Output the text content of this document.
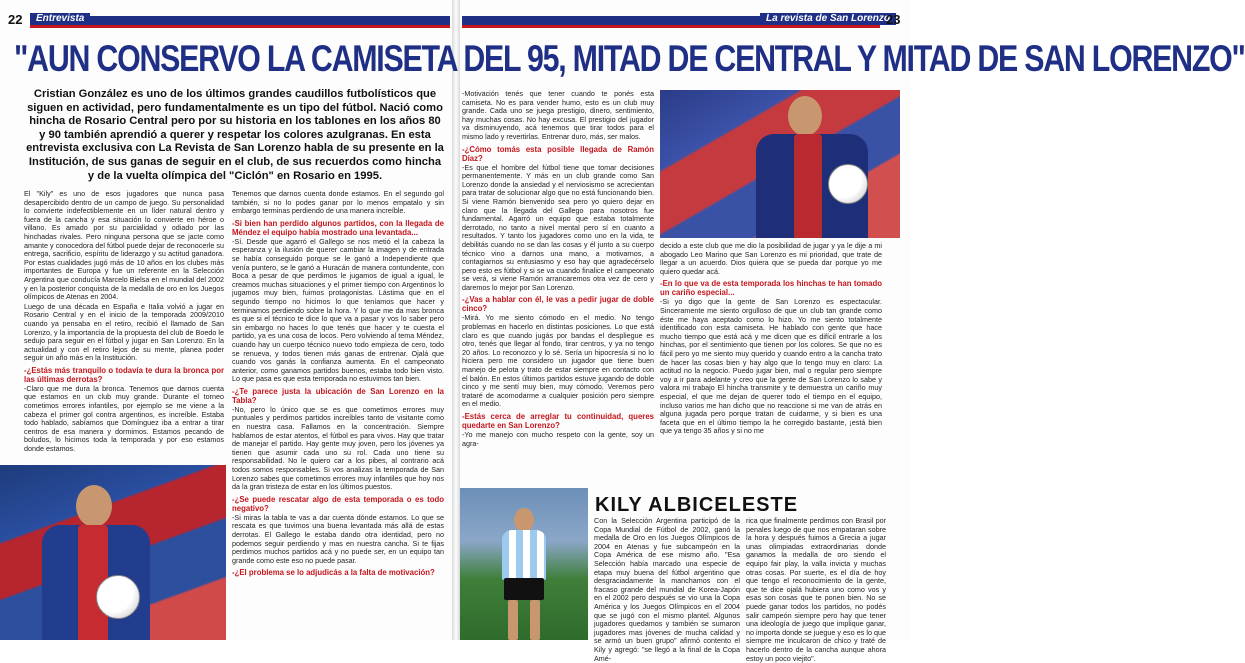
22	Entrevista	La revista de San Lorenzo
23
"AUN CONSERVO LA CAMISETA DEL 95, MITAD DE CENTRAL Y MITAD DE SAN LORENZO"
Cristian González es uno de los últimos grandes caudillos futbolísticos que siguen en actividad, pero fundamentalmente es un tipo del fútbol. Nació como hincha de Rosario Central pero por su historia en los tablones en los años 80 y 90 también aprendió a querer y respetar los colores azulgranas. En esta entrevista exclusiva con La Revista de San Lorenzo habla de su presente en la Institución, de sus ganas de seguir en el club, de sus recuerdos como hincha y de la vuelta olímpica del "Ciclón" en Rosario en 1995.

El "Kily" es uno de esos jugadores que nunca pasa desapercibido dentro de un campo de juego. Su personalidad lo convierte indefectiblemente en un líder natural dentro y fuera de la cancha y esa situación lo convierte en héroe o villano. Es amado por su parcialidad y odiado por las hinchadas rivales. Pero ninguna persona que se jacte como amante y conocedora del fútbol puede dejar de reconocerle su entrega, sacrificio, espíritu de liderazgo y su actitud ganadora. Por estas cualidades jugó más de 10 años en los clubes más importantes de Europa y fue un referente en la Selección Argentina que conducía Marcelo Bielsa en el mundial del 2002 y en la posterior conquista de la medalla de oro en los Juegos olímpicos de Atenas en 2004.

Luego de una década en España e Italia volvió a jugar en Rosario Central y en el inicio de la temporada 2009/2010 cuando ya pensaba en el retiro, recibió el llamado de San Lorenzo, y la importancia de la propuesta del club de Boedo le sedujo para seguir en el fútbol y jugar en San Lorenzo. En la actualidad y con el retiro lejos de su mente, planea poder seguir un año más en la Institución.

-¿Estás más tranquilo o todavía te dura la bronca por las últimas derrotas?

-Claro que me dura la bronca. Tenemos que darnos cuenta que estamos en un club muy grande. Durante el torneo cometimos errores infantiles, por ejemplo se me viene a la cabeza el primer gol contra argentinos, es increíble. Estaba todo hablado, sabíamos que Domínguez iba a entrar a tirar centros de esa manera y dormimos. Estamos pecando de boludos, lo hicimos toda la temporada y por eso estamos donde estamos.

Tenemos que darnos cuenta donde estamos. En el segundo gol también, si no lo podes ganar por lo menos empatalo y sin embargo terminas perdiendo de una manera increíble.

-Si bien han perdido algunos partidos, con la llegada de Méndez el equipo había mostrado una levantada...

-Sí. Desde que agarró el Gallego se nos metió el la cabeza la esperanza y la ilusión de querer cambiar la imagen y de entrada se había conseguido porque se le ganó a Independiente que venía puntero, se le ganó a Huracán de manera contundente, con Boca a pesar de que perdimos le jugamos de igual a igual, le creamos muchas situaciones y el primer tiempo con Argentinos lo jugamos muy bien, fuimos protagonistas. Lástima que en el segundo tiempo no hicimos lo que teníamos que hacer y terminamos perdiendo sobre la hora. Y lo que me da mas bronca es que si el técnico te dice lo que va a pasar y vos lo saber pero sin embargo no haces lo que tenés que hacer y te cuesta el partido, ya es una cosa de locos. Pero volviendo al tema Méndez, cuando hay un cuerpo técnico nuevo todo empieza de cero, todo se renueva, y todos tienen más ganas de entrenar. Ojalá que cuando vos ganás la confianza aumenta. En el campeonato anterior, como ganamos partidos buenos, estaba todo bien visto. Lo que pasa es que esta temporada no estuvimos tan bien.

-¿Te parece justa la ubicación de San Lorenzo en la Tabla?

-No, pero lo único que se es que cometimos errores muy puntuales y perdimos partidos increíbles tanto de visitante como en nuestra casa. Fallamos en la concentración. Siempre hablamos de estar atentos, el fútbol es para vivos. Hay que tratar de manejar el partido. Hay gente muy joven, pero los jóvenes ya tienen que asumir cada uno su rol. Cada uno tiene su responsabilidad. No le quiero car a los pibes, al contrario acá todos somos responsables. Si vos analizas la temporada de San Lorenzo sabes que cometimos errores muy infantiles que hoy nos da la gran tristeza de estar en los últimos puestos.

-¿Se puede rescatar algo de esta temporada o es todo negativo?

-Si miras la tabla te vas a dar cuenta dónde estamos. Lo que se rescata es que tuvimos una buena levantada más allá de estas derrotas. El Gallego le estaba dando otra identidad, pero no podemos seguir perdiendo y mas en nuestra cancha. Si te fijas perdimos muchos partidos acá y no puede ser, en un equipo tan grande como este eso no puede pasar.

-¿El problema se lo adjudicás a la falta de motivación?

-Motivación tenés que tener cuando te ponés esta camiseta. No es para vender humo, esto es un club muy grande. Cada uno se juega prestigio, dinero, sentimiento, hay muchas cosas. No hay excusa. El prestigio del jugador va disminuyendo, acá tenemos que tirar todos para el mismo lado y revertirlas. Entrenar duro, más, ser malos.

-¿Cómo tomás esta posible llegada de Ramón Díaz?

-Es que el hombre del fútbol tiene que tomar decisiones permanentemente. Y más en un club grande como San Lorenzo donde la ansiedad y el nerviosismo se acrecientan para tratar de solucionar algo que no está funcionando bien. Si viene Ramón bienvenido sea pero yo quiero dejar en claro que la llegada del Gallego para nosotros fue fundamental. Agarró un equipo que estaba totalmente derrotado, no tanto a nivel mental pero sí en cuanto a resultados. Y tanto los jugadores como uno en la vida, te debilitás cuando no se dan las cosas y él junto a su cuerpo técnico vino a darnos una mano, a motivarnos, a contagiarnos su entusiasmo y eso hay que agradecérselo pero esto es fútbol y si se va cuando finalice el campeonato se verá, si viene Ramón arrancaremos otra vez de cero y daremos lo mejor por San Lorenzo.

-¿Vas a hablar con él, le vas a pedir jugar de doble cinco?

-Mirá. Yo me siento cómodo en el medio. No tengo problemas en hacerlo en distintas posiciones. Lo que está claro es que cuando jugás por bandas el despliegue es otro, tenés que llegar al fondo, tirar centros, y ya no tengo 20 años. Lo reconozco y lo sé. Sería un hipocresía si no lo hiciera pero me considero un jugador que tiene buen manejo de pelota y trato de estar siempre en contacto con el balón. En estos últimos partidos estuve jugando de doble cinco y me sentí muy bien, muy cómodo. Veremos pero trataré de acomodarme a cualquier posición pero siempre en el medio.

-Estás cerca de arreglar tu continuidad, queres quedarte en San Lorenzo?

-Yo me manejo con mucho respeto con la gente, soy un agra-

decido a este club que me dio la posibilidad de jugar y ya le dije a mi abogado Leo Marino que San Lorenzo es mi prioridad, que trate de llegar a un acuerdo. Dios quiera que se pueda dar porque yo me quiero quedar acá.

-En lo que va de esta temporada los hinchas te han tomado un cariño especial...

-Si yo digo que la gente de San Lorenzo es espectacular. Sinceramente me siento orgulloso de que un club tan grande como éste me haya aceptado como lo hizo. Yo me siento totalmente identificado con esta camiseta. He hablado con gente que hace mucho tiempo que está acá y me dicen que es difícil entrarle a los hinchas, por el sentimiento que tienen por los colores. Se que no es fácil pero yo me siento muy querido y cuando entro a la cancha trato de hacer las cosas bien y hay algo que lo tengo muy en claro: La actitud no la negocio. Puedo jugar bien, mal o regular pero siempre voy a ir para adelante y creo que la gente de San Lorenzo lo sabe y valora mi trabajo El hincha transmite y te demuestra un cariño muy especial, el que me dejan de querer todo el tiempo en el equipo, incluso varios me han dicho que no reaccione si me van de atrás en alguna jugada pero porque tratan de cuidarme, y si bien es una faceta que en el último tiempo la he corregido bastante, ¡está bien que ya tengo 35 años y si no me

KILY ALBICELESTE

Con la Selección Argentina participó de la Copa Mundial de Fútbol de 2002, ganó la medalla de Oro en los Juegos Olímpicos de 2004 en Atenas y fue subcampeón en la Copa América de ese mismo año. "Esa Selección había marcado una especie de etapa muy buena del fútbol argentino que desgraciadamente la manchamos con el fracaso grande del mundial de Korea-Japón en el 2002 pero después se vio una la Copa América y los Juegos Olímpicos en el 2004 que se jugó con el mismo plantel. Algunos jugadores quedamos y también se sumaron jugadores mas jóvenes de mucha calidad y se armó un buen grupo" afirmó contento el Kily y agregó: "se llegó a la final de la Copa Amé-

rica que finalmente perdimos con Brasil por penales luego de que nos empataran sobre la hora y después fuimos a Grecia a jugar unas olimpiadas extraordinarias donde ganamos la medalla de oro siendo el equipo fair play, la valla invicta y muchas otras cosas. Por suerte, es el día de hoy que tengo el reconocimiento de la gente, que te dice ojalá hubiera uno como vos y esas son cosas que te ponen bien. No se puede ganar todos los partidos, no podés salir campeón siempre pero hay que tener una ideología de juego que implique ganar, no importa donde se juegue y eso es lo que siempre me inculcaron de chico y traté de hacerlo dentro de la cancha aunque ahora estoy un poco viejito".
